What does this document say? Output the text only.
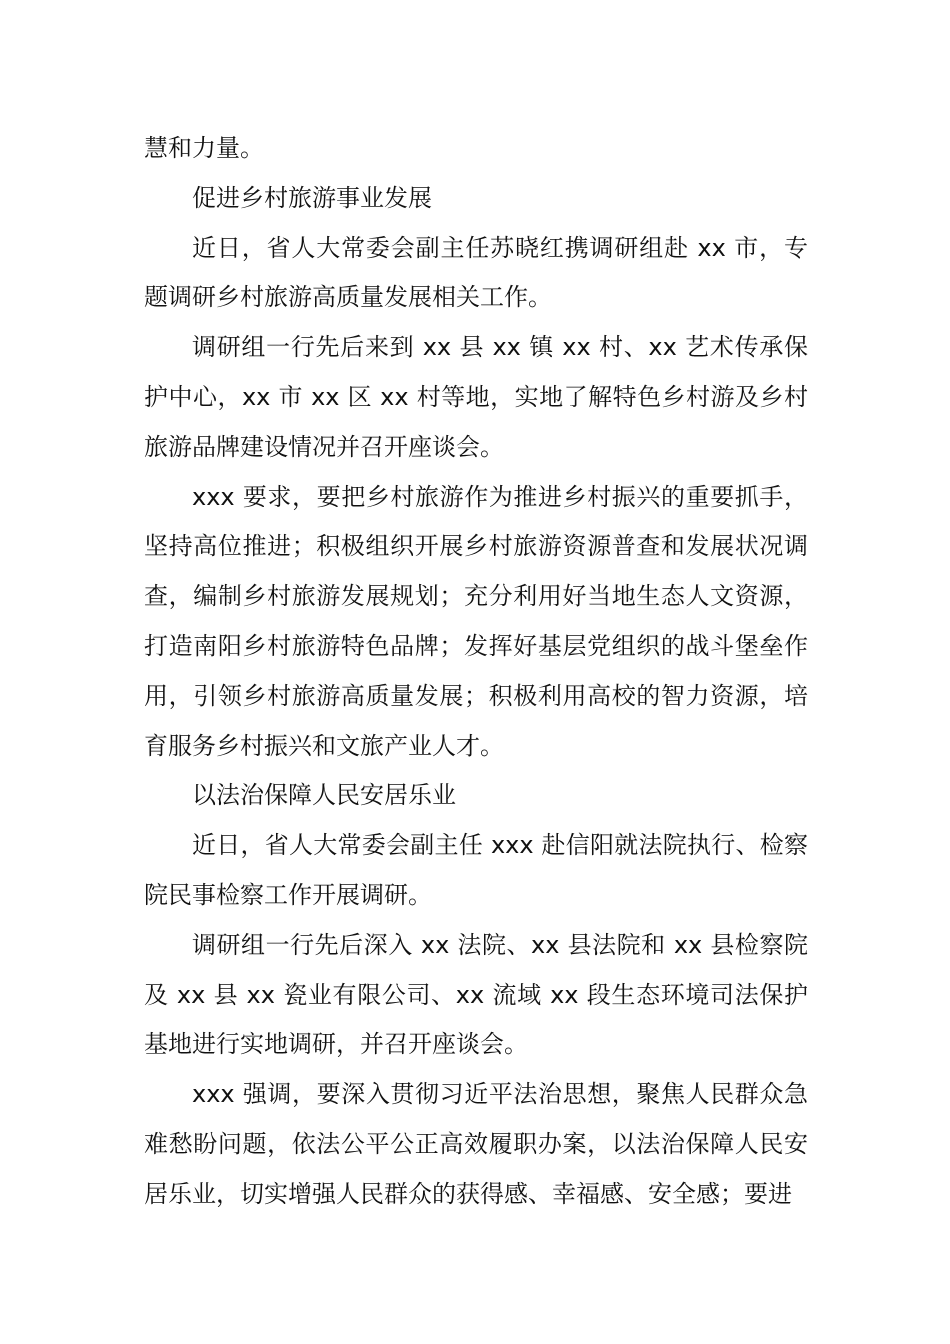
慧和力量。

促进乡村旅游事业发展

近日，省人大常委会副主任苏晓红携调研组赴 xx 市，专题调研乡村旅游高质量发展相关工作。

调研组一行先后来到 xx 县 xx 镇 xx 村、xx 艺术传承保护中心，xx 市 xx 区 xx 村等地，实地了解特色乡村游及乡村旅游品牌建设情况并召开座谈会。

xxx 要求，要把乡村旅游作为推进乡村振兴的重要抓手，坚持高位推进；积极组织开展乡村旅游资源普查和发展状况调查，编制乡村旅游发展规划；充分利用好当地生态人文资源，打造南阳乡村旅游特色品牌；发挥好基层党组织的战斗堡垒作用，引领乡村旅游高质量发展；积极利用高校的智力资源，培育服务乡村振兴和文旅产业人才。

以法治保障人民安居乐业

近日，省人大常委会副主任 xxx 赴信阳就法院执行、检察院民事检察工作开展调研。

调研组一行先后深入 xx 法院、xx 县法院和 xx 县检察院及 xx 县 xx 瓷业有限公司、xx 流域 xx 段生态环境司法保护基地进行实地调研，并召开座谈会。

xxx 强调，要深入贯彻习近平法治思想，聚焦人民群众急难愁盼问题，依法公平公正高效履职办案，以法治保障人民安居乐业，切实增强人民群众的获得感、幸福感、安全感；要进
